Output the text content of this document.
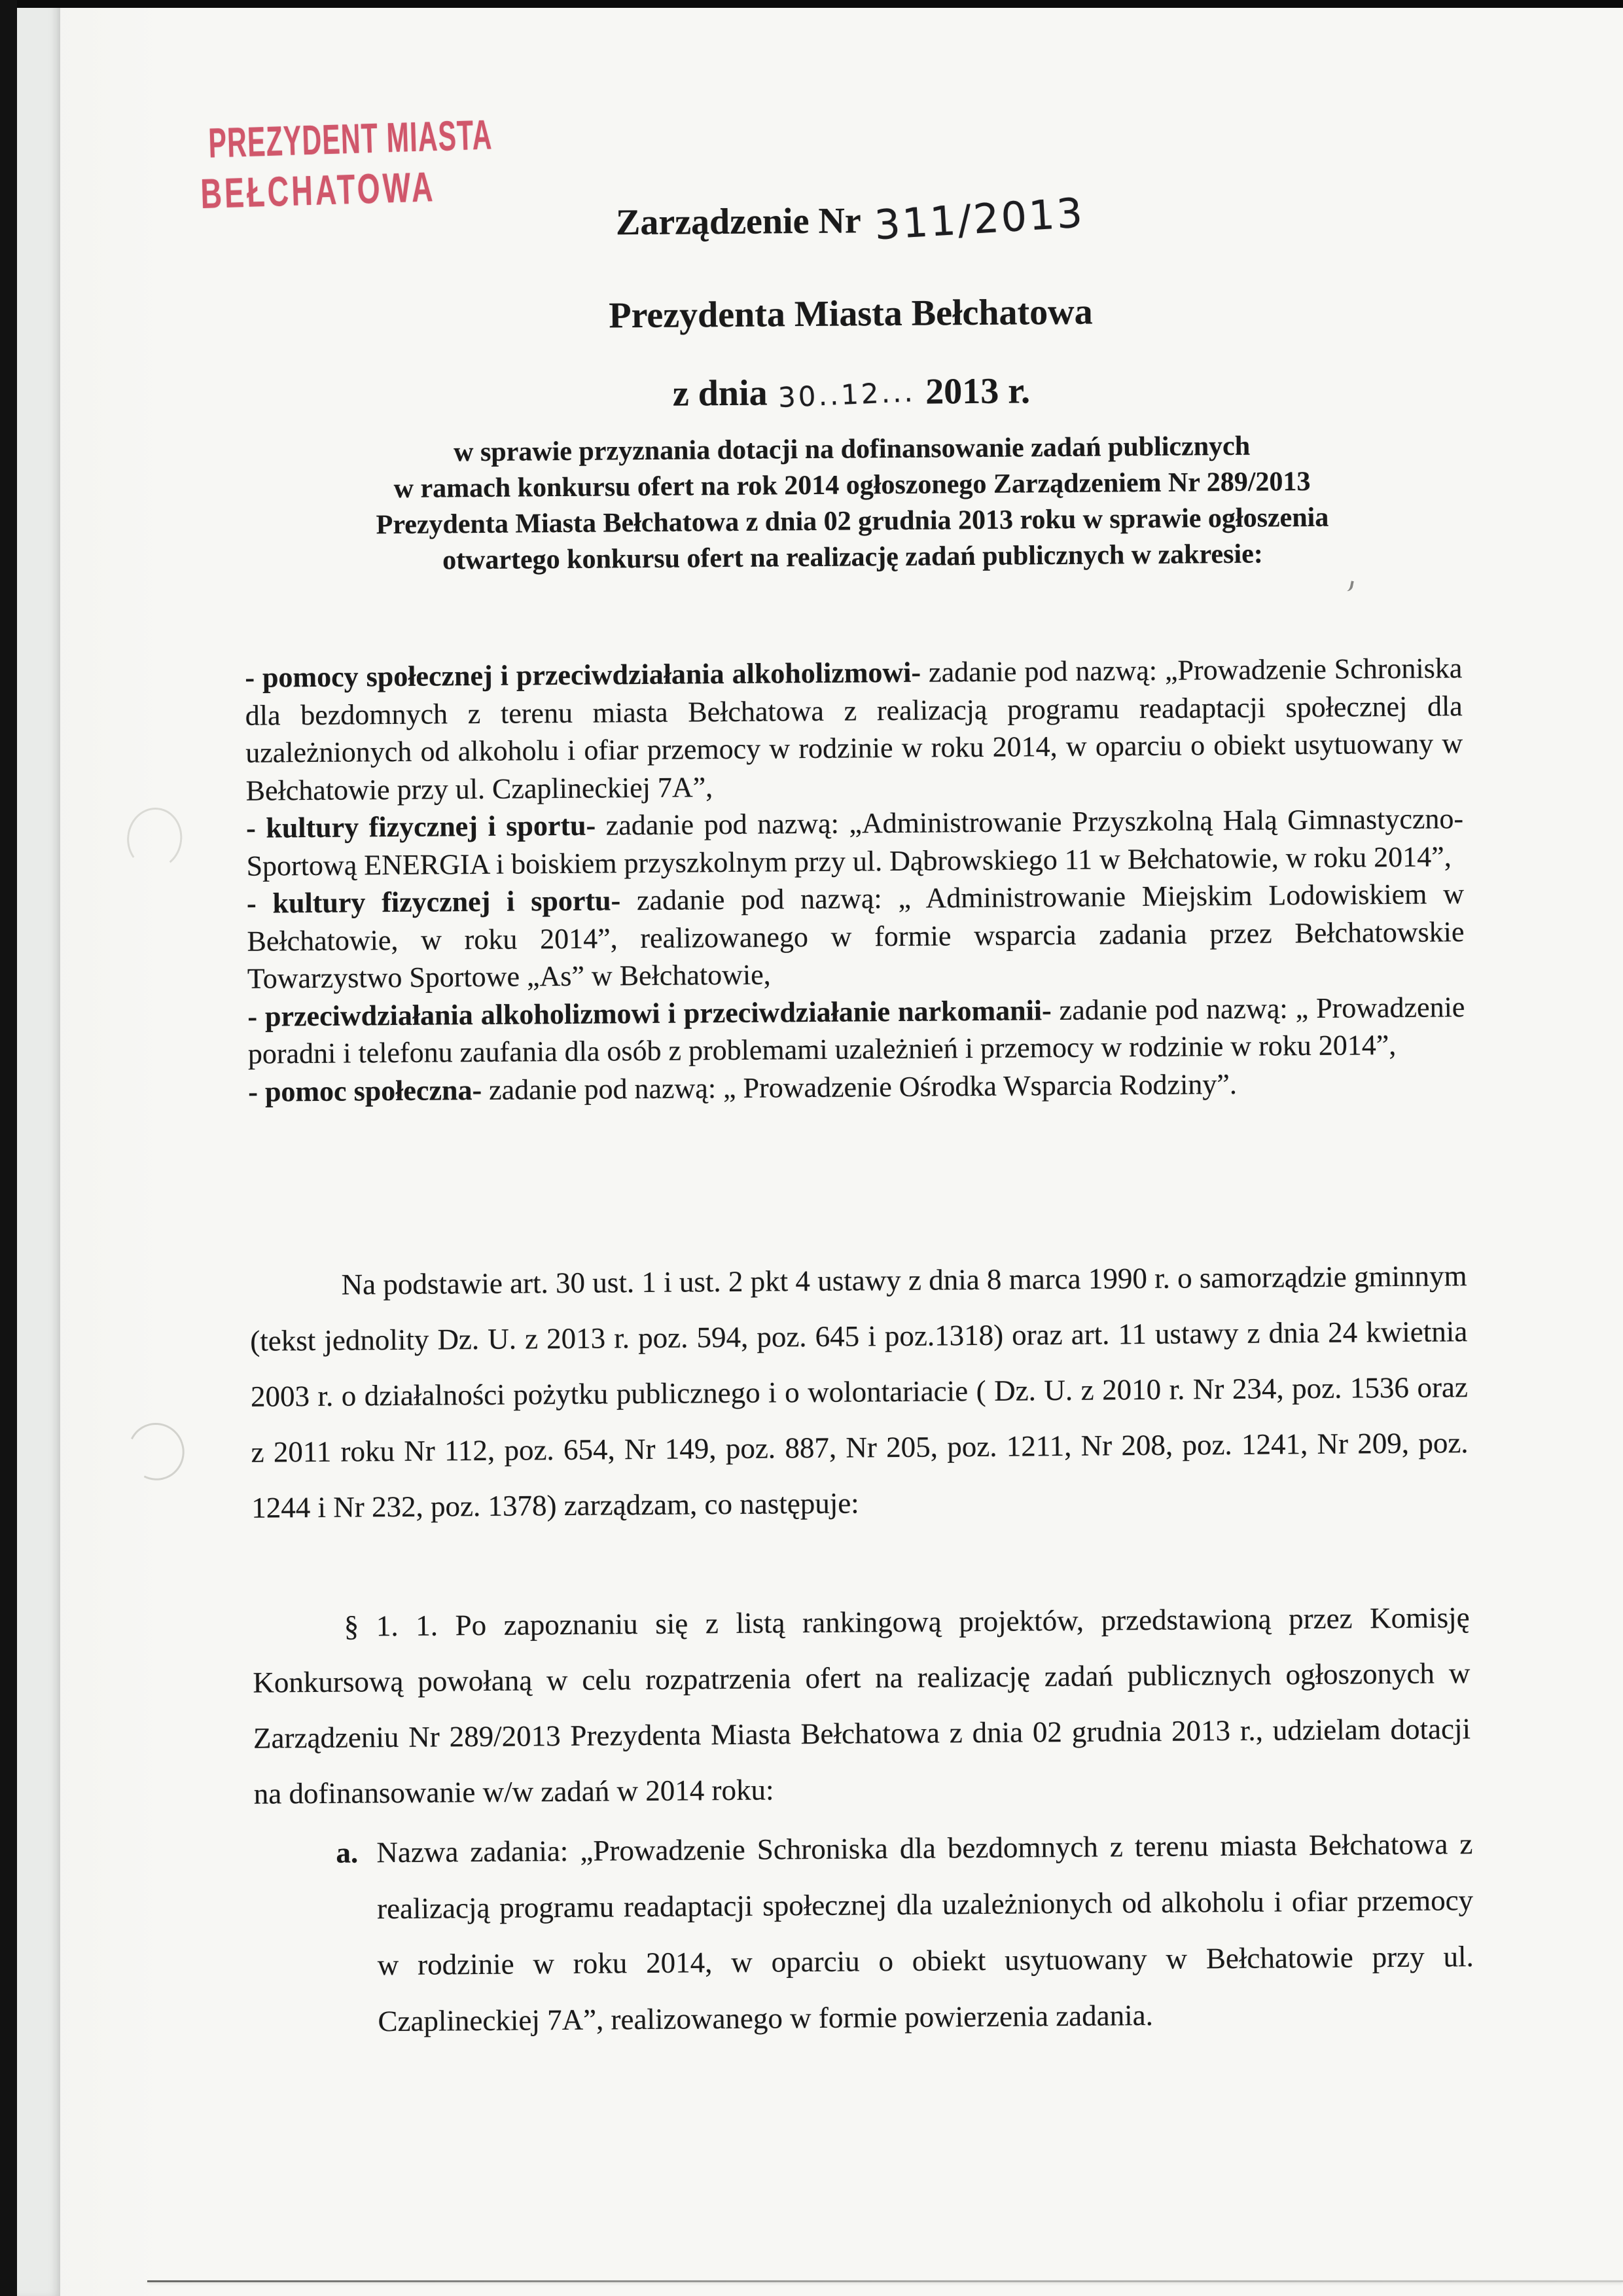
PREZYDENT MIASTA
BEŁCHATOWA
Zarządzenie Nr 311/2013
Prezydenta Miasta Bełchatowa
z dnia 30..12... 2013 r.
w sprawie przyznania dotacji na dofinansowanie zadań publicznych
w ramach konkursu ofert na rok 2014 ogłoszonego Zarządzeniem Nr 289/2013
Prezydenta Miasta Bełchatowa z dnia 02 grudnia 2013 roku w sprawie ogłoszenia
otwartego konkursu ofert na realizację zadań publicznych w zakresie:

- pomocy społecznej i przeciwdziałania alkoholizmowi- zadanie pod nazwą: „Prowadzenie Schroniska dla bezdomnych z terenu miasta Bełchatowa z realizacją programu readaptacji społecznej dla uzależnionych od alkoholu i ofiar przemocy w rodzinie w roku 2014, w oparciu o obiekt usytuowany w Bełchatowie przy ul. Czaplineckiej 7A”,

- kultury fizycznej i sportu- zadanie pod nazwą: „Administrowanie Przyszkolną Halą Gimnastyczno- Sportową ENERGIA i boiskiem przyszkolnym przy ul. Dąbrowskiego 11 w Bełchatowie, w roku 2014”,

- kultury fizycznej i sportu- zadanie pod nazwą: „ Administrowanie Miejskim Lodowiskiem w Bełchatowie, w roku 2014”, realizowanego w formie wsparcia zadania przez Bełchatowskie Towarzystwo Sportowe „As” w Bełchatowie,

- przeciwdziałania alkoholizmowi i przeciwdziałanie narkomanii- zadanie pod nazwą: „ Prowadzenie poradni i telefonu zaufania dla osób z problemami uzależnień i przemocy w rodzinie w roku 2014”,

- pomoc społeczna- zadanie pod nazwą: „ Prowadzenie Ośrodka Wsparcia Rodziny”.

Na podstawie art. 30 ust. 1 i ust. 2 pkt 4 ustawy z dnia 8 marca 1990 r. o samorządzie gminnym (tekst jednolity Dz. U. z 2013 r. poz. 594, poz. 645 i poz.1318) oraz art. 11 ustawy z dnia 24 kwietnia 2003 r. o działalności pożytku publicznego i o wolontariacie ( Dz. U. z 2010 r. Nr 234, poz. 1536 oraz z 2011 roku Nr 112, poz. 654, Nr 149, poz. 887, Nr 205, poz. 1211, Nr 208, poz. 1241, Nr 209, poz. 1244 i Nr 232, poz. 1378) zarządzam, co następuje:
§ 1. 1. Po zapoznaniu się z listą rankingową projektów, przedstawioną przez Komisję Konkursową powołaną w celu rozpatrzenia ofert na realizację zadań publicznych ogłoszonych w Zarządzeniu Nr 289/2013 Prezydenta Miasta Bełchatowa z dnia 02 grudnia 2013 r., udzielam dotacji na dofinansowanie w/w zadań w 2014 roku:
a. Nazwa zadania: „Prowadzenie Schroniska dla bezdomnych z terenu miasta Bełchatowa z realizacją programu readaptacji społecznej dla uzależnionych od alkoholu i ofiar przemocy w rodzinie w roku 2014, w oparciu o obiekt usytuowany w Bełchatowie przy ul. Czaplineckiej 7A”, realizowanego w formie powierzenia zadania.
